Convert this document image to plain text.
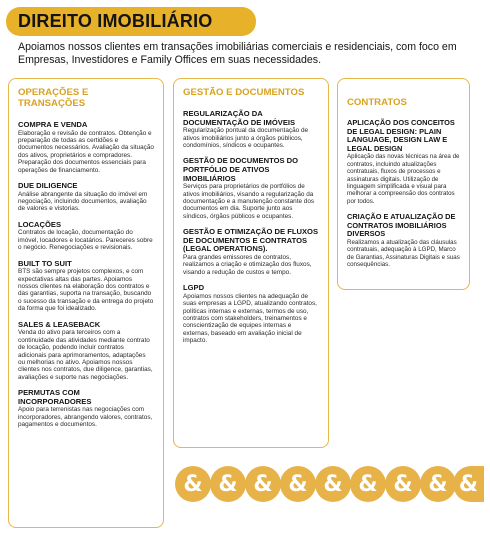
DIREITO IMOBILIÁRIO

Apoiamos nossos clientes em transações imobiliárias comerciais e residenciais, com foco em Empresas, Investidores e Family Offices em suas necessidades.

OPERAÇÕES E TRANSAÇÕES
COMPRA E VENDA
Elaboração e revisão de contratos. Obtenção e preparação de todas as certidões e documentos necessários. Avaliação da situação dos ativos, proprietários e compradores. Preparação dos documentos essenciais para operações de financiamento.
DUE DILIGENCE
Análise abrangente da situação do imóvel em negociação, incluindo documentos, avaliação de valores e vistorias.
LOCAÇÕES
Contratos de locação, documentação do imóvel, locadores e locatários. Pareceres sobre o negócio. Renegociações e revisionais.
BUILT TO SUIT
BTS são sempre projetos complexos, e com expectativas altas das partes. Apoiamos nossos clientes na elaboração dos contratos e das garantias, suporta na transação, buscando o sucesso da transação e da entrega do projeto da forma que foi idealizado.
SALES & LEASEBACK
Venda do ativo para terceiros com a continuidade das atividades mediante contrato de locação, podendo incluir contratos adicionais para aprimoramentos, adaptações ou melhorias no ativo. Apoiamos nossos clientes nos contratos, due diligence, garantias, avaliações e suporte nas negociações.
PERMUTAS COM INCORPORADORES
Apoio para terrenistas nas negociações com incorporadores, abrangendo valores, contratos, pagamentos e documentos.
GESTÃO E DOCUMENTOS
REGULARIZAÇÃO DA DOCUMENTAÇÃO DE IMÓVEIS
Regularização pontual da documentação de ativos imobiliários junto a órgãos públicos, condomínios, síndicos e ocupantes.
GESTÃO DE DOCUMENTOS DO PORTFÓLIO DE ATIVOS IMOBILIÁRIOS
Serviços para proprietários de portfólios de ativos imobiliários, visando a regularização da documentação e a manutenção constante dos documentos em dia. Suporte junto aos síndicos, órgãos públicos e ocupantes.
GESTÃO E OTIMIZAÇÃO DE FLUXOS DE DOCUMENTOS E CONTRATOS (LEGAL OPERATIONS).
Para grandes emissores de contratos, realizamos a criação e otimização dos fluxos, visando a redução de custos e tempo.
LGPD
Apoiamos nossos clientes na adequação de suas empresas a LGPD, atualizando contratos, políticas internas e externas, termos de uso, contratos com stakeholders, treinamentos e conscientização de equipes internas e externas, baseado em avaliação inicial de impacto.
CONTRATOS
APLICAÇÃO DOS CONCEITOS DE LEGAL DESIGN: PLAIN LANGUAGE, DESIGN LAW E LEGAL DESIGN
Aplicação das novas técnicas na área de contratos, incluindo atualizações contratuais, fluxos de processos e assinaturas digitais. Utilização de linguagem simplificada e visual para melhorar a compreensão dos contratos por todos.
CRIAÇÃO E ATUALIZAÇÃO DE CONTRATOS IMOBILIÁRIOS DIVERSOS
Realizamos a atualização das cláusulas contratuais, adequação à LGPD, Marco de Garantias, Assinaturas Digitais e suas consequências.
& & & & & & & & &
